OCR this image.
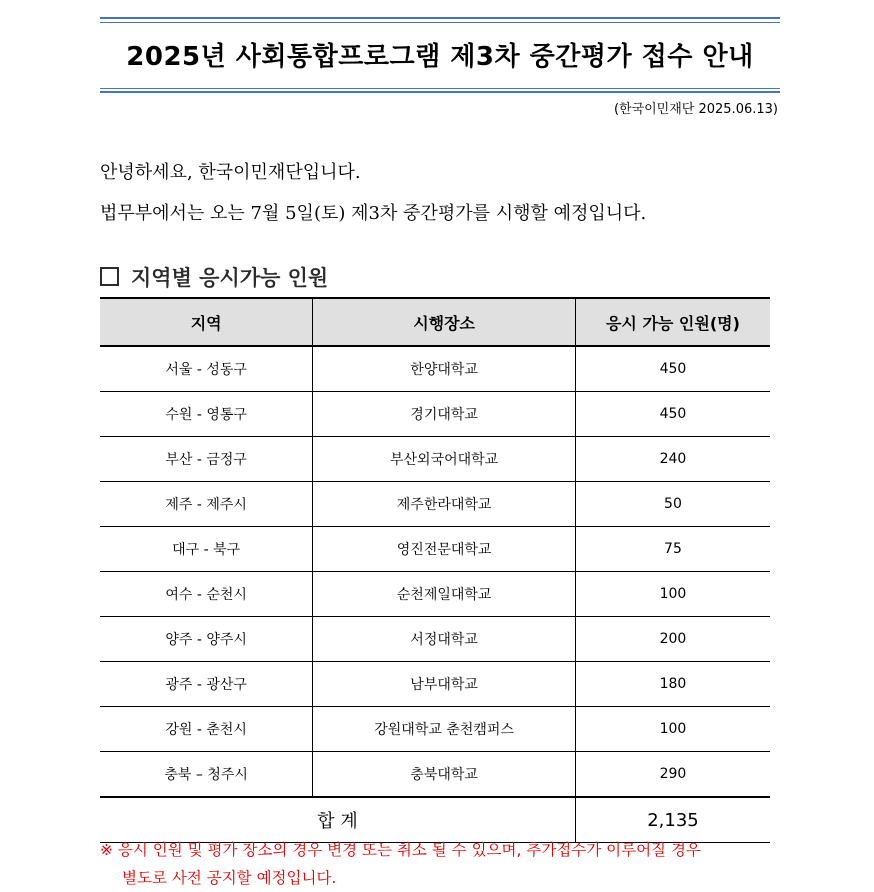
2025년 사회통합프로그램 제3차 중간평가 접수 안내
(한국이민재단 2025.06.13)
안녕하세요, 한국이민재단입니다.
법무부에서는 오는 7월 5일(토) 제3차 중간평가를 시행할 예정입니다.
지역별 응시가능 인원
지역	시행장소	응시 가능 인원(명)
서울 - 성동구	한양대학교	450
수원 - 영통구	경기대학교	450
부산 - 금정구	부산외국어대학교	240
제주 - 제주시	제주한라대학교	50
대구 - 북구	영진전문대학교	75
여수 - 순천시	순천제일대학교	100
양주 - 양주시	서정대학교	200
광주 - 광산구	남부대학교	180
강원 - 춘천시	강원대학교 춘천캠퍼스	100
충북 – 청주시	충북대학교	290
합 계		2,135
※ 응시 인원 및 평가 장소의 경우 변경 또는 취소 될 수 있으며, 추가접수가 이루어질 경우
별도로 사전 공지할 예정입니다.
